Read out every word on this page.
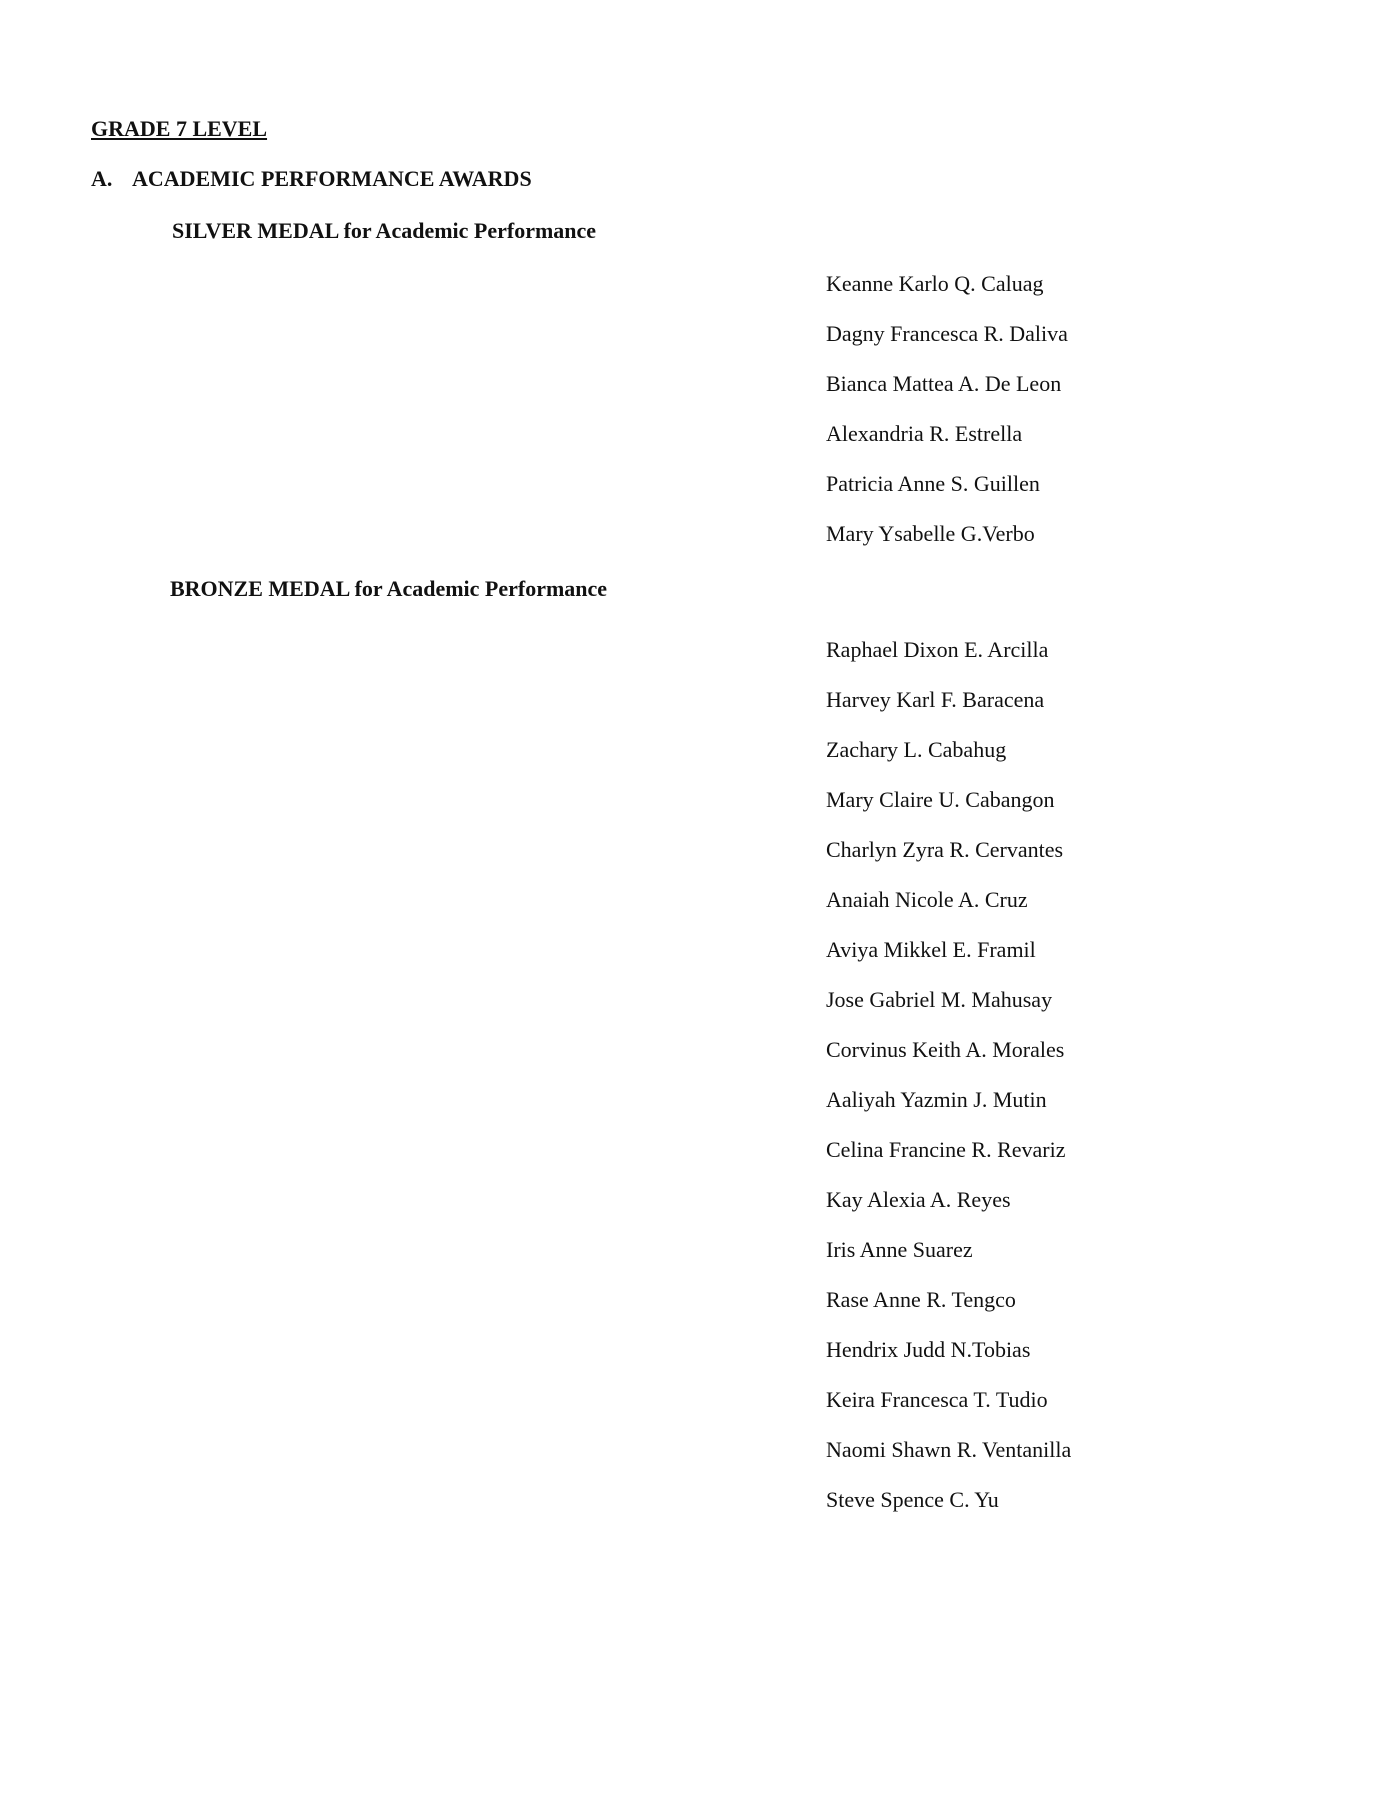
GRADE 7 LEVEL
A. ACADEMIC PERFORMANCE AWARDS
SILVER MEDAL for Academic Performance
Keanne Karlo Q. Caluag
Dagny Francesca R. Daliva
Bianca Mattea A. De Leon
Alexandria R. Estrella
Patricia Anne S. Guillen
Mary Ysabelle G.Verbo
BRONZE MEDAL for Academic Performance
Raphael Dixon E. Arcilla
Harvey Karl F. Baracena
Zachary L. Cabahug
Mary Claire U. Cabangon
Charlyn Zyra R. Cervantes
Anaiah Nicole A. Cruz
Aviya Mikkel E. Framil
Jose Gabriel M. Mahusay
Corvinus Keith A. Morales
Aaliyah Yazmin J. Mutin
Celina Francine R. Revariz
Kay Alexia A. Reyes
Iris Anne Suarez
Rase Anne R. Tengco
Hendrix Judd N.Tobias
Keira Francesca T. Tudio
Naomi Shawn R. Ventanilla
Steve Spence C. Yu
